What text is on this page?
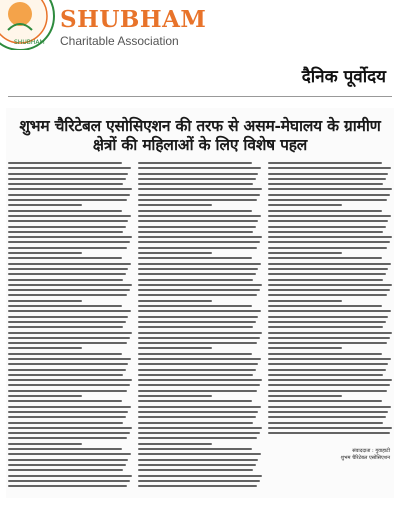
SHUBHAM
SHUBHAM
Charitable Association
दैनिक पूर्वोदय
शुभम चैरिटेबल एसोसिएशन की तरफ से असम-मेघालय के ग्रामीण क्षेत्रों की महिलाओं के लिए विशेष पहल
संवाददाता : गुवाहाटी
शुभम चैरिटेबल एसोसिएशन
